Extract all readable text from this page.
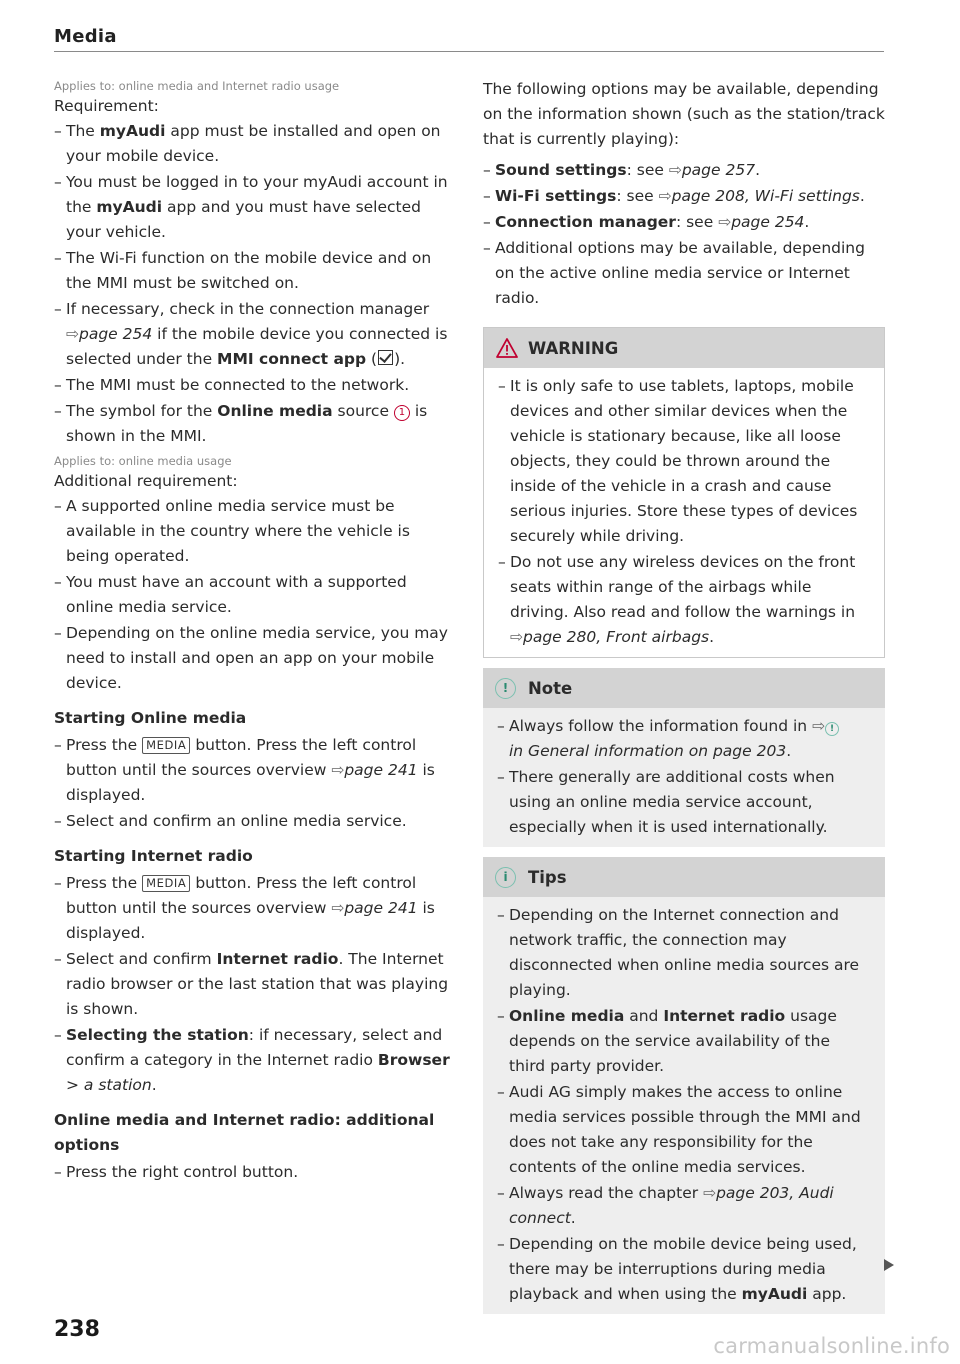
Media
Applies to: online media and Internet radio usage
Requirement:
– The myAudi app must be installed and open on your mobile device.
– You must be logged in to your myAudi account in the myAudi app and you must have selected your vehicle.
– The Wi-Fi function on the mobile device and on the MMI must be switched on.
– If necessary, check in the connection manager ⇨page 254 if the mobile device you connected is selected under the MMI connect app ( ).
– The MMI must be connected to the network.
– The symbol for the Online media source 1 is shown in the MMI.
Applies to: online media usage
Additional requirement:
– A supported online media service must be available in the country where the vehicle is being operated.
– You must have an account with a supported online media service.
– Depending on the online media service, you may need to install and open an app on your mobile device.
Starting Online media
– Press the MEDIA button. Press the left control button until the sources overview ⇨page 241 is displayed.
– Select and confirm an online media service.
Starting Internet radio
– Press the MEDIA button. Press the left control button until the sources overview ⇨page 241 is displayed.
– Select and confirm Internet radio. The Internet radio browser or the last station that was playing is shown.
– Selecting the station: if necessary, select and confirm a category in the Internet radio Browser > a station.
Online media and Internet radio: additional options
– Press the right control button.

The following options may be available, depending on the information shown (such as the station/track that is currently playing):

– Sound settings: see ⇨page 257.
– Wi-Fi settings: see ⇨page 208, Wi-Fi settings.
– Connection manager: see ⇨page 254.
– Additional options may be available, depending on the active online media service or Internet radio.
WARNING
– It is only safe to use tablets, laptops, mobile devices and other similar devices when the vehicle is stationary because, like all loose objects, they could be thrown around the inside of the vehicle in a crash and cause serious injuries. Store these types of devices securely while driving.
– Do not use any wireless devices on the front seats within range of the airbags while driving. Also read and follow the warnings in ⇨page 280, Front airbags.
!	Note
– Always follow the information found in ⇨ !
in General information on page 203.
– There generally are additional costs when using an online media service account, especially when it is used internationally.
i	Tips
– Depending on the Internet connection and network traffic, the connection may disconnected when online media sources are playing.
– Online media and Internet radio usage depends on the service availability of the third party provider.
– Audi AG simply makes the access to online media services possible through the MMI and does not take any responsibility for the contents of the online media services.
– Always read the chapter ⇨page 203, Audi connect.
– Depending on the mobile device being used, there may be interruptions during media playback and when using the myAudi app.
238
carmanualsonline.info
